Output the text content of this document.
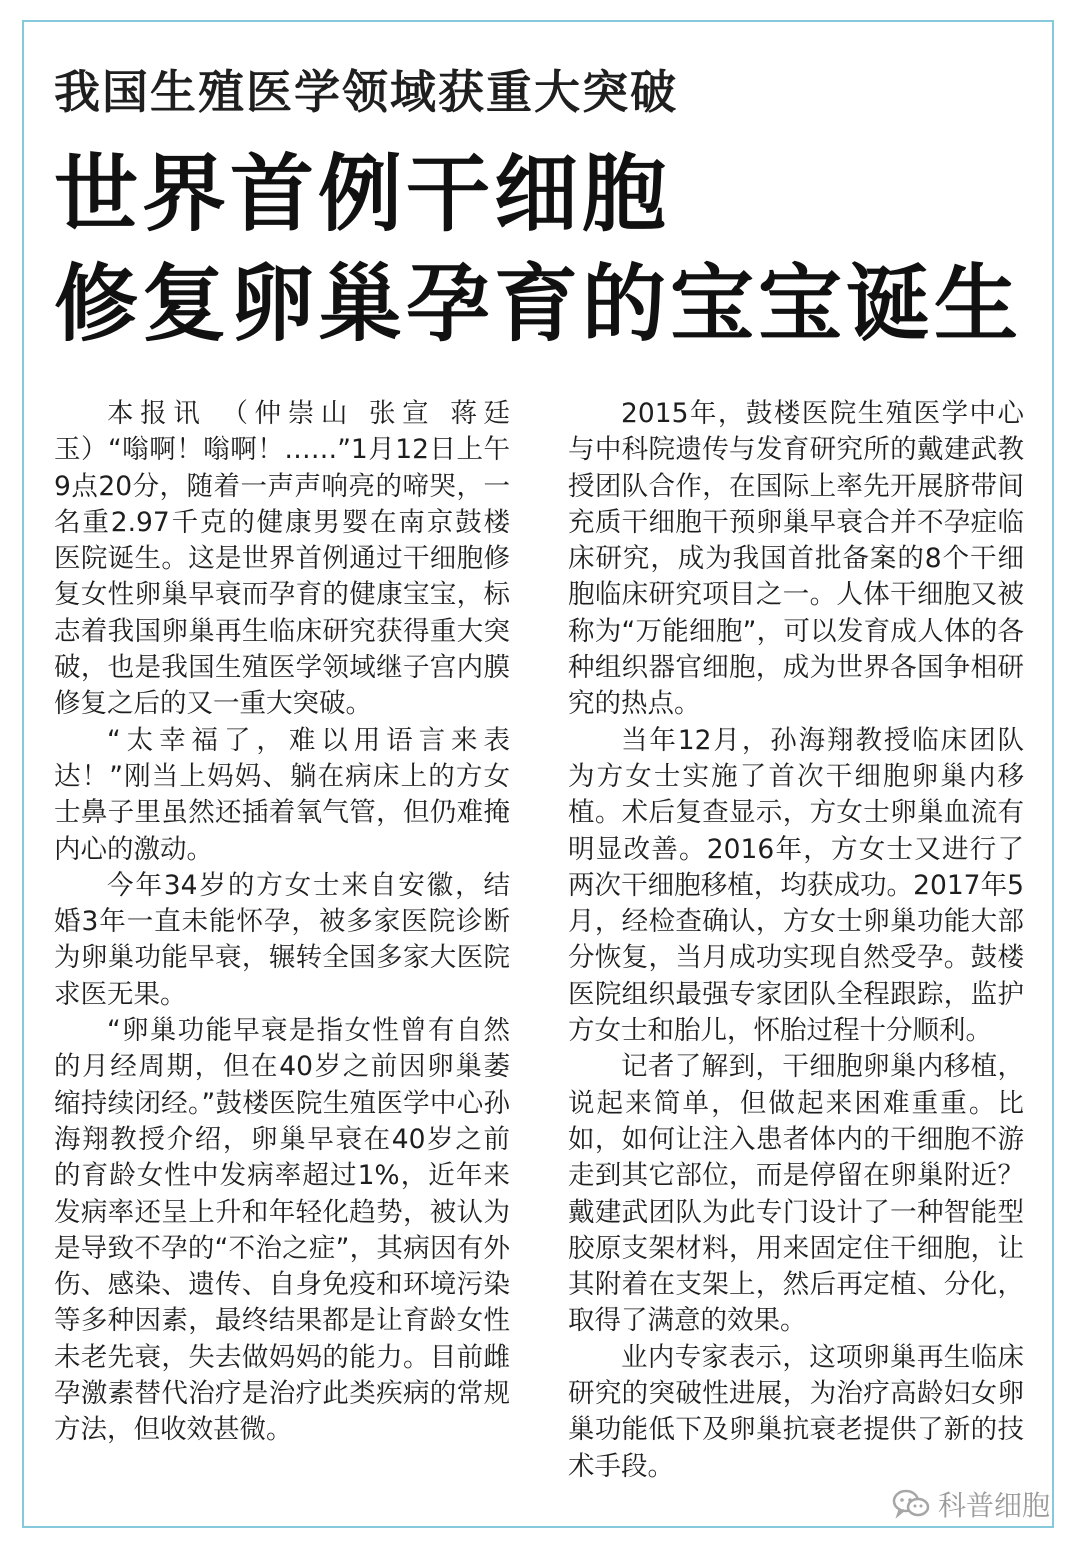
我国生殖医学领域获重大突破
世界首例干细胞
修复卵巢孕育的宝宝诞生

本报讯 （仲崇山 张宣 蒋廷玉）“嗡啊！嗡啊！……”1月12日上午9点20分，随着一声声响亮的啼哭，一名重2.97千克的健康男婴在南京鼓楼医院诞生。这是世界首例通过干细胞修复女性卵巢早衰而孕育的健康宝宝，标志着我国卵巢再生临床研究获得重大突破，也是我国生殖医学领域继子宫内膜修复之后的又一重大突破。

“太幸福了，难以用语言来表达！”刚当上妈妈、躺在病床上的方女士鼻子里虽然还插着氧气管，但仍难掩内心的激动。

今年34岁的方女士来自安徽，结婚3年一直未能怀孕，被多家医院诊断为卵巢功能早衰，辗转全国多家大医院求医无果。

“卵巢功能早衰是指女性曾有自然的月经周期，但在40岁之前因卵巢萎缩持续闭经。”鼓楼医院生殖医学中心孙海翔教授介绍，卵巢早衰在40岁之前的育龄女性中发病率超过1%，近年来发病率还呈上升和年轻化趋势，被认为是导致不孕的“不治之症”，其病因有外伤、感染、遗传、自身免疫和环境污染等多种因素，最终结果都是让育龄女性未老先衰，失去做妈妈的能力。目前雌孕激素替代治疗是治疗此类疾病的常规方法，但收效甚微。

2015年，鼓楼医院生殖医学中心与中科院遗传与发育研究所的戴建武教授团队合作，在国际上率先开展脐带间充质干细胞干预卵巢早衰合并不孕症临床研究，成为我国首批备案的8个干细胞临床研究项目之一。人体干细胞又被称为“万能细胞”，可以发育成人体的各种组织器官细胞，成为世界各国争相研究的热点。

当年12月，孙海翔教授临床团队为方女士实施了首次干细胞卵巢内移植。术后复查显示，方女士卵巢血流有明显改善。2016年，方女士又进行了两次干细胞移植，均获成功。2017年5月，经检查确认，方女士卵巢功能大部分恢复，当月成功实现自然受孕。鼓楼医院组织最强专家团队全程跟踪，监护方女士和胎儿，怀胎过程十分顺利。

记者了解到，干细胞卵巢内移植，说起来简单，但做起来困难重重。比如，如何让注入患者体内的干细胞不游走到其它部位，而是停留在卵巢附近？戴建武团队为此专门设计了一种智能型胶原支架材料，用来固定住干细胞，让其附着在支架上，然后再定植、分化，取得了满意的效果。

业内专家表示，这项卵巢再生临床研究的突破性进展，为治疗高龄妇女卵巢功能低下及卵巢抗衰老提供了新的技术手段。

科普细胞
